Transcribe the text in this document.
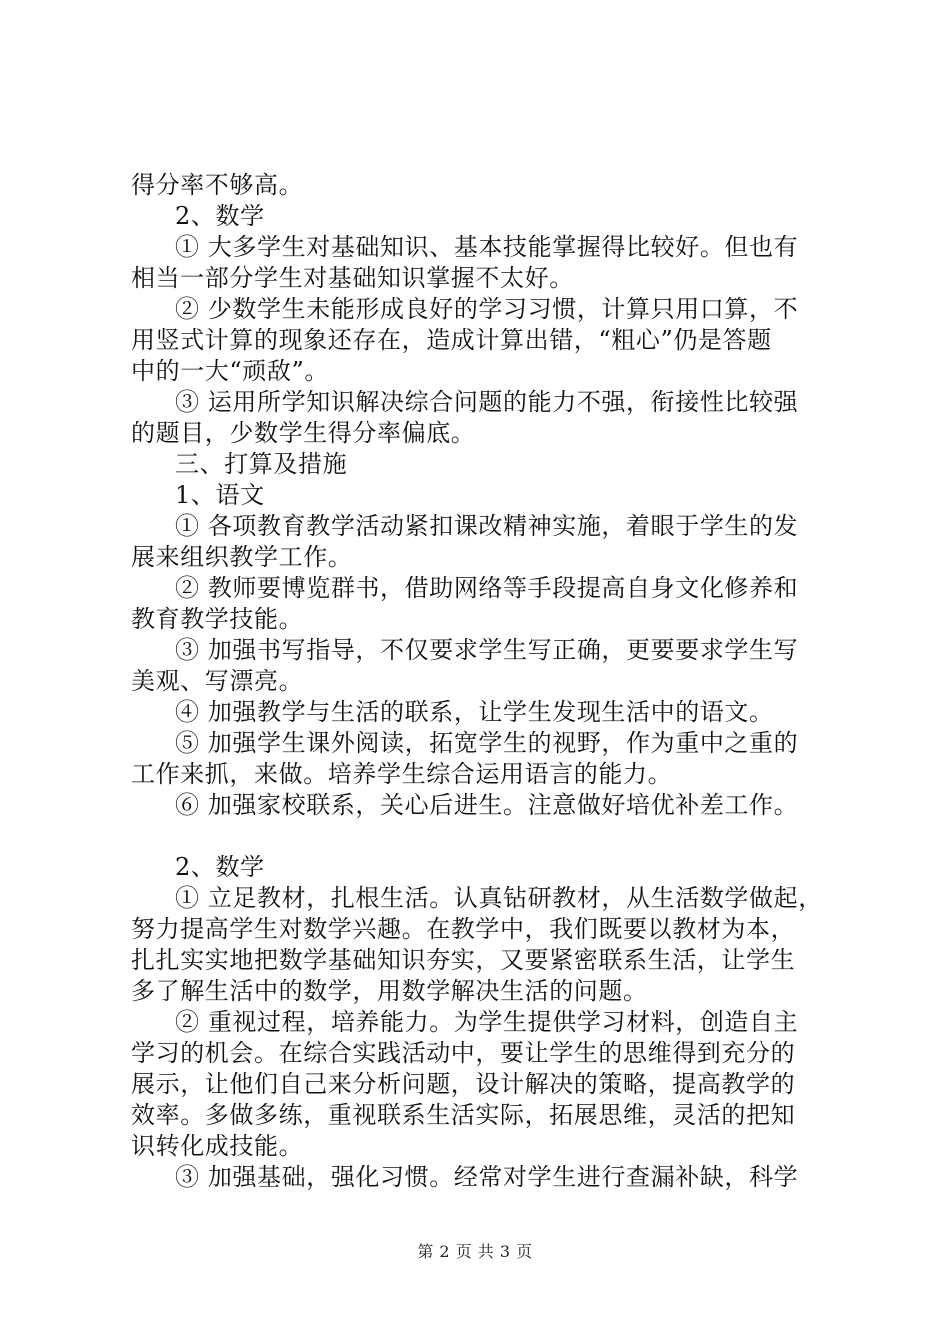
得分率不够高。
2、数学
① 大多学生对基础知识、基本技能掌握得比较好。但也有
相当一部分学生对基础知识掌握不太好。
② 少数学生未能形成良好的学习习惯，计算只用口算，不
用竖式计算的现象还存在，造成计算出错，“粗心”仍是答题
中的一大“顽敌”。
③ 运用所学知识解决综合问题的能力不强，衔接性比较强
的题目，少数学生得分率偏底。
三、打算及措施
1、语文
① 各项教育教学活动紧扣课改精神实施，着眼于学生的发
展来组织教学工作。
② 教师要博览群书，借助网络等手段提高自身文化修养和
教育教学技能。
③ 加强书写指导，不仅要求学生写正确，更要要求学生写
美观、写漂亮。
④ 加强教学与生活的联系，让学生发现生活中的语文。
⑤ 加强学生课外阅读，拓宽学生的视野，作为重中之重的
工作来抓，来做。培养学生综合运用语言的能力。
⑥ 加强家校联系，关心后进生。注意做好培优补差工作。
2、数学
① 立足教材，扎根生活。认真钻研教材，从生活数学做起，
努力提高学生对数学兴趣。在教学中，我们既要以教材为本，
扎扎实实地把数学基础知识夯实，又要紧密联系生活，让学生
多了解生活中的数学，用数学解决生活的问题。
② 重视过程，培养能力。为学生提供学习材料，创造自主
学习的机会。在综合实践活动中，要让学生的思维得到充分的
展示，让他们自己来分析问题，设计解决的策略，提高教学的
效率。多做多练，重视联系生活实际，拓展思维，灵活的把知
识转化成技能。
③ 加强基础，强化习惯。经常对学生进行查漏补缺，科学
第 2 页 共 3 页
